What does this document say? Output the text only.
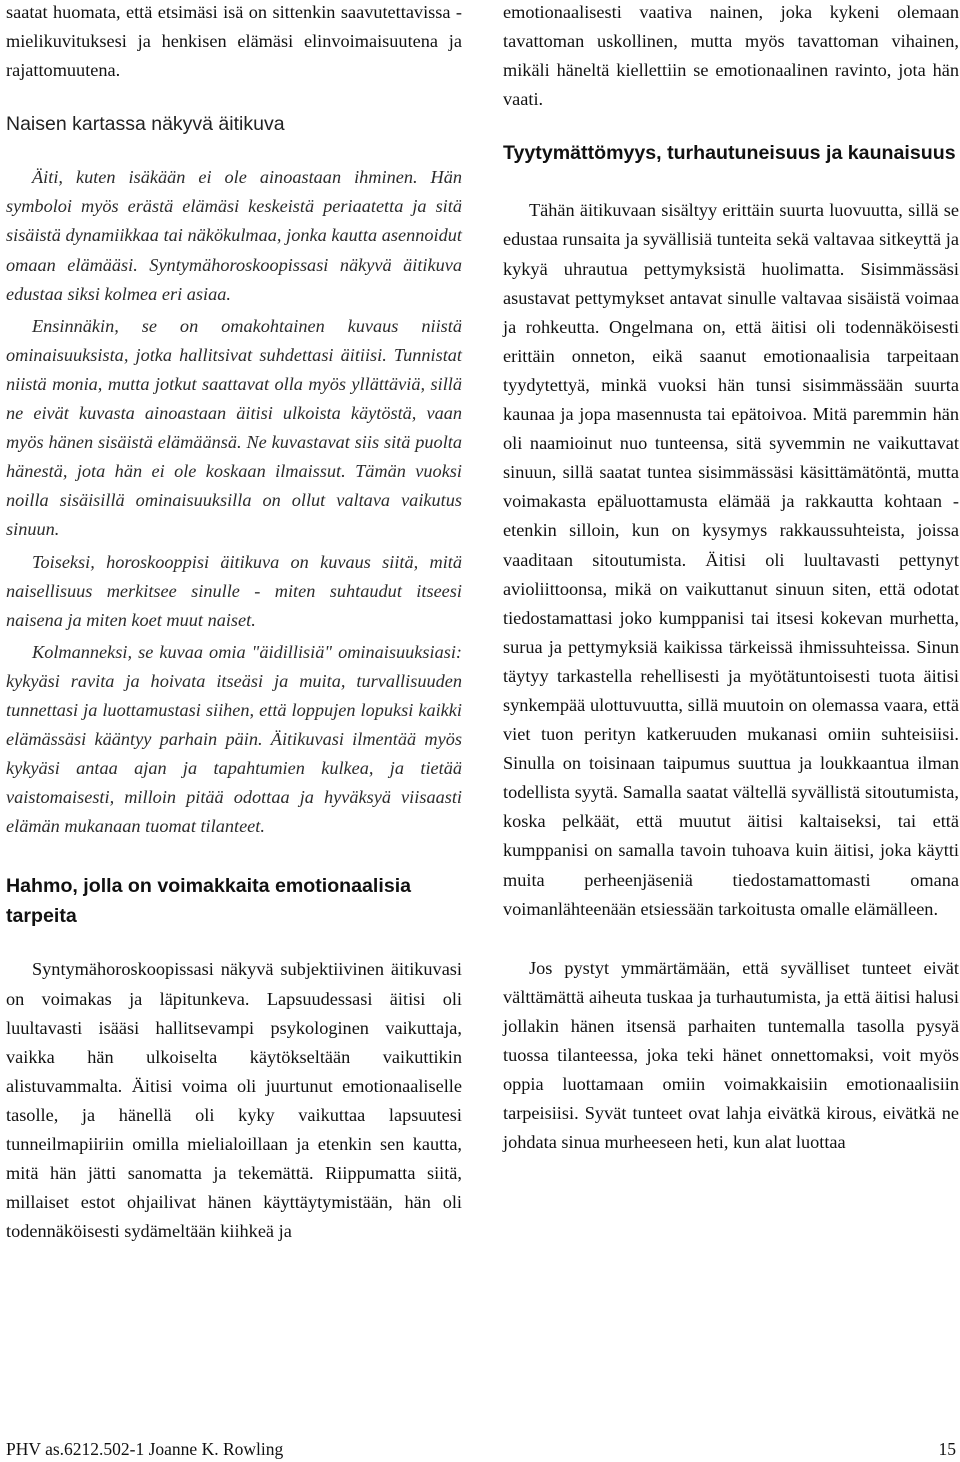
saatat huomata, että etsimäsi isä on sittenkin saavutettavissa -mielikuvituksesi ja henkisen elämäsi elinvoimaisuutena ja rajattomuutena.

Naisen kartassa näkyvä äitikuva

Äiti, kuten isäkään ei ole ainoastaan ihminen. Hän symboloi myös erästä elämäsi keskeistä periaatetta ja sitä sisäistä dynamiikkaa tai näkökulmaa, jonka kautta asennoidut omaan elämääsi. Syntymähoroskoopissasi näkyvä äitikuva edustaa siksi kolmea eri asiaa.

Ensinnäkin, se on omakohtainen kuvaus niistä ominaisuuksista, jotka hallitsivat suhdettasi äitiisi. Tunnistat niistä monia, mutta jotkut saattavat olla myös yllättäviä, sillä ne eivät kuvasta ainoastaan äitisi ulkoista käytöstä, vaan myös hänen sisäistä elämäänsä. Ne kuvastavat siis sitä puolta hänestä, jota hän ei ole koskaan ilmaissut. Tämän vuoksi noilla sisäisillä ominaisuuksilla on ollut valtava vaikutus sinuun.

Toiseksi, horoskooppisi äitikuva on kuvaus siitä, mitä naisellisuus merkitsee sinulle - miten suhtaudut itseesi naisena ja miten koet muut naiset.

Kolmanneksi, se kuvaa omia "äidillisiä" ominaisuuksiasi: kykyäsi ravita ja hoivata itseäsi ja muita, turvallisuuden tunnettasi ja luottamustasi siihen, että loppujen lopuksi kaikki elämässäsi kääntyy parhain päin. Äitikuvasi ilmentää myös kykyäsi antaa ajan ja tapahtumien kulkea, ja tietää vaistomaisesti, milloin pitää odottaa ja hyväksyä viisaasti elämän mukanaan tuomat tilanteet.

Hahmo, jolla on voimakkaita emotionaalisia tarpeita

Syntymähoroskoopissasi näkyvä subjektiivinen äitikuvasi on voimakas ja läpitunkeva. Lapsuudessasi äitisi oli luultavasti isääsi hallitsevampi psykologinen vaikuttaja, vaikka hän ulkoiselta käytökseltään vaikuttikin alistuvammalta. Äitisi voima oli juurtunut emotionaaliselle tasolle, ja hänellä oli kyky vaikuttaa lapsuutesi tunneilmapiiriin omilla mielialoillaan ja etenkin sen kautta, mitä hän jätti sanomatta ja tekemättä. Riippumatta siitä, millaiset estot ohjailivat hänen käyttäytymistään, hän oli todennäköisesti sydämeltään kiihkeä ja

emotionaalisesti vaativa nainen, joka kykeni olemaan tavattoman uskollinen, mutta myös tavattoman vihainen, mikäli häneltä kiellettiin se emotionaalinen ravinto, jota hän vaati.

Tyytymättömyys, turhautuneisuus ja kaunaisuus

Tähän äitikuvaan sisältyy erittäin suurta luovuutta, sillä se edustaa runsaita ja syvällisiä tunteita sekä valtavaa sitkeyttä ja kykyä uhrautua pettymyksistä huolimatta. Sisimmässäsi asustavat pettymykset antavat sinulle valtavaa sisäistä voimaa ja rohkeutta. Ongelmana on, että äitisi oli todennäköisesti erittäin onneton, eikä saanut emotionaalisia tarpeitaan tyydytettyä, minkä vuoksi hän tunsi sisimmässään suurta kaunaa ja jopa masennusta tai epätoivoa. Mitä paremmin hän oli naamioinut nuo tunteensa, sitä syvemmin ne vaikuttavat sinuun, sillä saatat tuntea sisimmässäsi käsittämätöntä, mutta voimakasta epäluottamusta elämää ja rakkautta kohtaan - etenkin silloin, kun on kysymys rakkaussuhteista, joissa vaaditaan sitoutumista. Äitisi oli luultavasti pettynyt avioliittoonsa, mikä on vaikuttanut sinuun siten, että odotat tiedostamattasi joko kumppanisi tai itsesi kokevan murhetta, surua ja pettymyksiä kaikissa tärkeissä ihmissuhteissa. Sinun täytyy tarkastella rehellisesti ja myötätuntoisesti tuota äitisi synkempää ulottuvuutta, sillä muutoin on olemassa vaara, että viet tuon perityn katkeruuden mukanasi omiin suhteisiisi. Sinulla on toisinaan taipumus suuttua ja loukkaantua ilman todellista syytä. Samalla saatat vältellä syvällistä sitoutumista, koska pelkäät, että muutut äitisi kaltaiseksi, tai että kumppanisi on samalla tavoin tuhoava kuin äitisi, joka käytti muita perheenjäseniä tiedostamattomasti omana voimanlähteenään etsiessään tarkoitusta omalle elämälleen.

Jos pystyt ymmärtämään, että syvälliset tunteet eivät välttämättä aiheuta tuskaa ja turhautumista, ja että äitisi halusi jollakin hänen itsensä parhaiten tuntemalla tasolla pysyä tuossa tilanteessa, joka teki hänet onnettomaksi, voit myös oppia luottamaan omiin voimakkaisiin emotionaalisiin tarpeisiisi. Syvät tunteet ovat lahja eivätkä kirous, eivätkä ne johdata sinua murheeseen heti, kun alat luottaa

PHV as.6212.502-1 Joanne K. Rowling	15
